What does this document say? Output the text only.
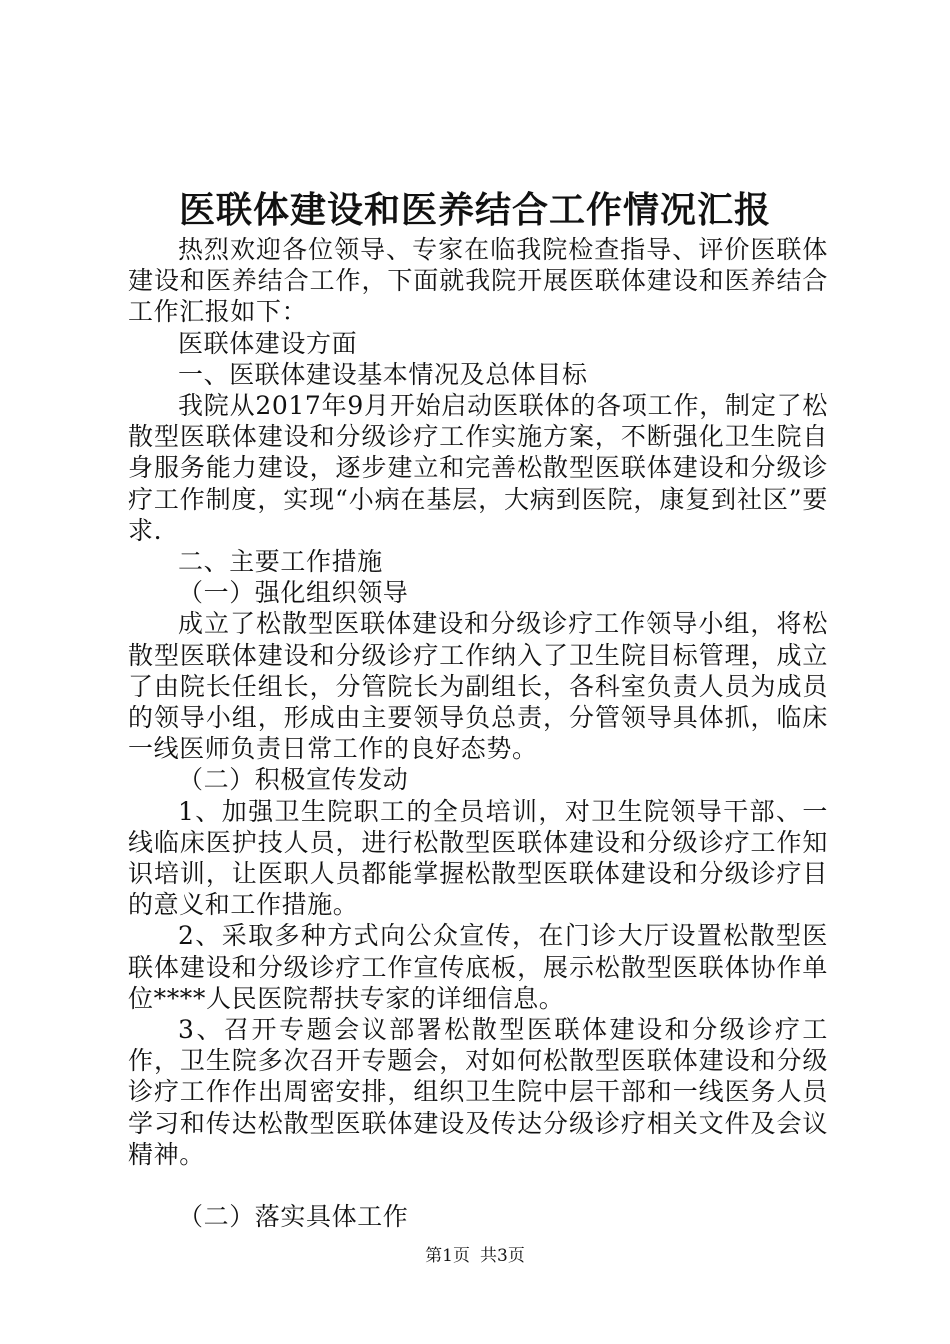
医联体建设和医养结合工作情况汇报

热烈欢迎各位领导、专家在临我院检查指导、评价医联体建设和医养结合工作，下面就我院开展医联体建设和医养结合工作汇报如下：

医联体建设方面

一、医联体建设基本情况及总体目标

我院从2017年9月开始启动医联体的各项工作，制定了松散型医联体建设和分级诊疗工作实施方案，不断强化卫生院自身服务能力建设，逐步建立和完善松散型医联体建设和分级诊疗工作制度，实现“小病在基层，大病到医院，康复到社区”要求.

二、主要工作措施

（一）强化组织领导

成立了松散型医联体建设和分级诊疗工作领导小组，将松散型医联体建设和分级诊疗工作纳入了卫生院目标管理，成立了由院长任组长，分管院长为副组长，各科室负责人员为成员的领导小组，形成由主要领导负总责，分管领导具体抓，临床一线医师负责日常工作的良好态势。

（二）积极宣传发动

1、加强卫生院职工的全员培训，对卫生院领导干部、一线临床医护技人员，进行松散型医联体建设和分级诊疗工作知识培训，让医职人员都能掌握松散型医联体建设和分级诊疗目的意义和工作措施。

2、采取多种方式向公众宣传，在门诊大厅设置松散型医联体建设和分级诊疗工作宣传底板，展示松散型医联体协作单位****人民医院帮扶专家的详细信息。

3、召开专题会议部署松散型医联体建设和分级诊疗工作，卫生院多次召开专题会，对如何松散型医联体建设和分级诊疗工作作出周密安排，组织卫生院中层干部和一线医务人员学习和传达松散型医联体建设及传达分级诊疗相关文件及会议精神。

（二）落实具体工作

第1页 共3页
